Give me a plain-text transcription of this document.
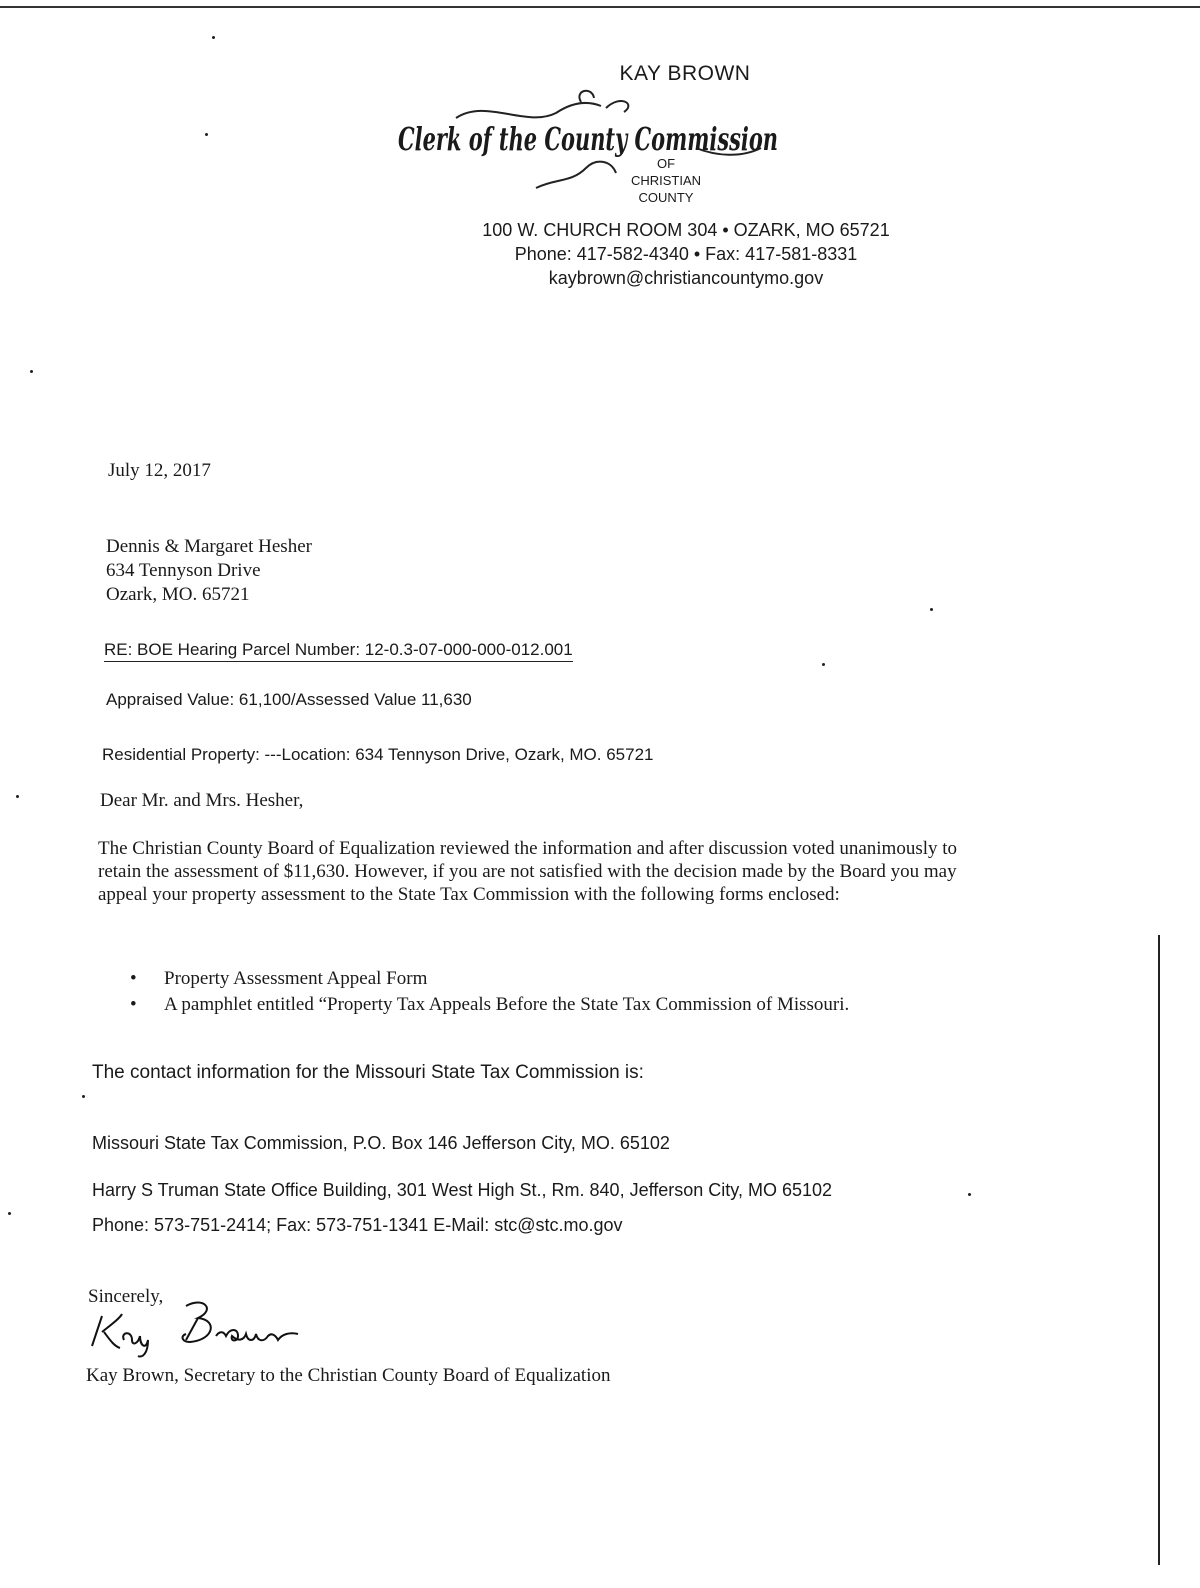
KAY BROWN
Clerk of the County Commission
OF
CHRISTIAN
COUNTY
100 W. CHURCH ROOM 304 • OZARK, MO 65721
Phone: 417-582-4340 • Fax: 417-581-8331
kaybrown@christiancountymo.gov
July 12, 2017
Dennis & Margaret Hesher
634 Tennyson Drive
Ozark, MO. 65721
RE: BOE Hearing Parcel Number: 12-0.3-07-000-000-012.001
Appraised Value: 61,100/Assessed Value 11,630
Residential Property: ---Location: 634 Tennyson Drive, Ozark, MO. 65721
Dear Mr. and Mrs. Hesher,
The Christian County Board of Equalization reviewed the information and after discussion voted unanimously to retain the assessment of $11,630. However, if you are not satisfied with the decision made by the Board you may appeal your property assessment to the State Tax Commission with the following forms enclosed:
• Property Assessment Appeal Form
• A pamphlet entitled “Property Tax Appeals Before the State Tax Commission of Missouri.
The contact information for the Missouri State Tax Commission is:
Missouri State Tax Commission, P.O. Box 146 Jefferson City, MO. 65102
Harry S Truman State Office Building, 301 West High St., Rm. 840, Jefferson City, MO 65102
Phone: 573-751-2414; Fax: 573-751-1341 E-Mail: stc@stc.mo.gov
Sincerely,
Kay Brown, Secretary to the Christian County Board of Equalization
